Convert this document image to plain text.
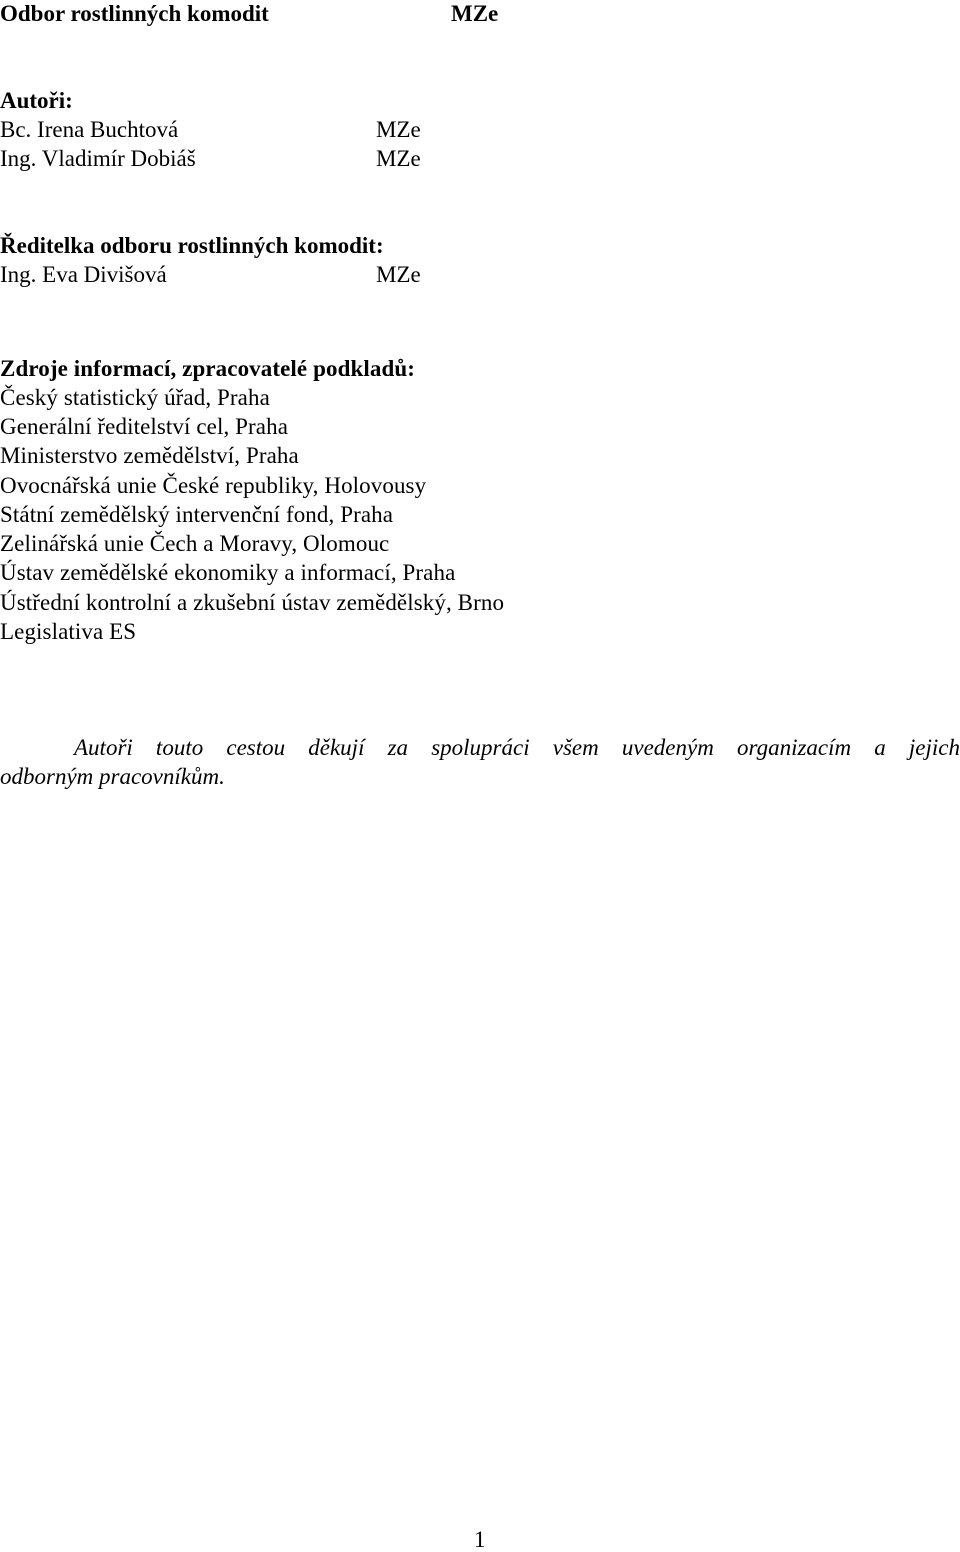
Odbor rostlinných komodit	MZe
Autoři:
Bc. Irena Buchtová	MZe
Ing. Vladimír Dobiáš	MZe
Ředitelka odboru rostlinných komodit:
Ing. Eva Divišová	MZe
Zdroje informací, zpracovatelé podkladů:
Český statistický úřad, Praha
Generální ředitelství cel, Praha
Ministerstvo zemědělství, Praha
Ovocnářská unie České republiky, Holovousy
Státní zemědělský intervenční fond, Praha
Zelinářská unie Čech a Moravy, Olomouc
Ústav zemědělské ekonomiky a informací, Praha
Ústřední kontrolní a zkušební ústav zemědělský, Brno
Legislativa ES
Autoři touto cestou děkují za spolupráci všem uvedeným organizacím a jejich
odborným pracovníkům.
1
